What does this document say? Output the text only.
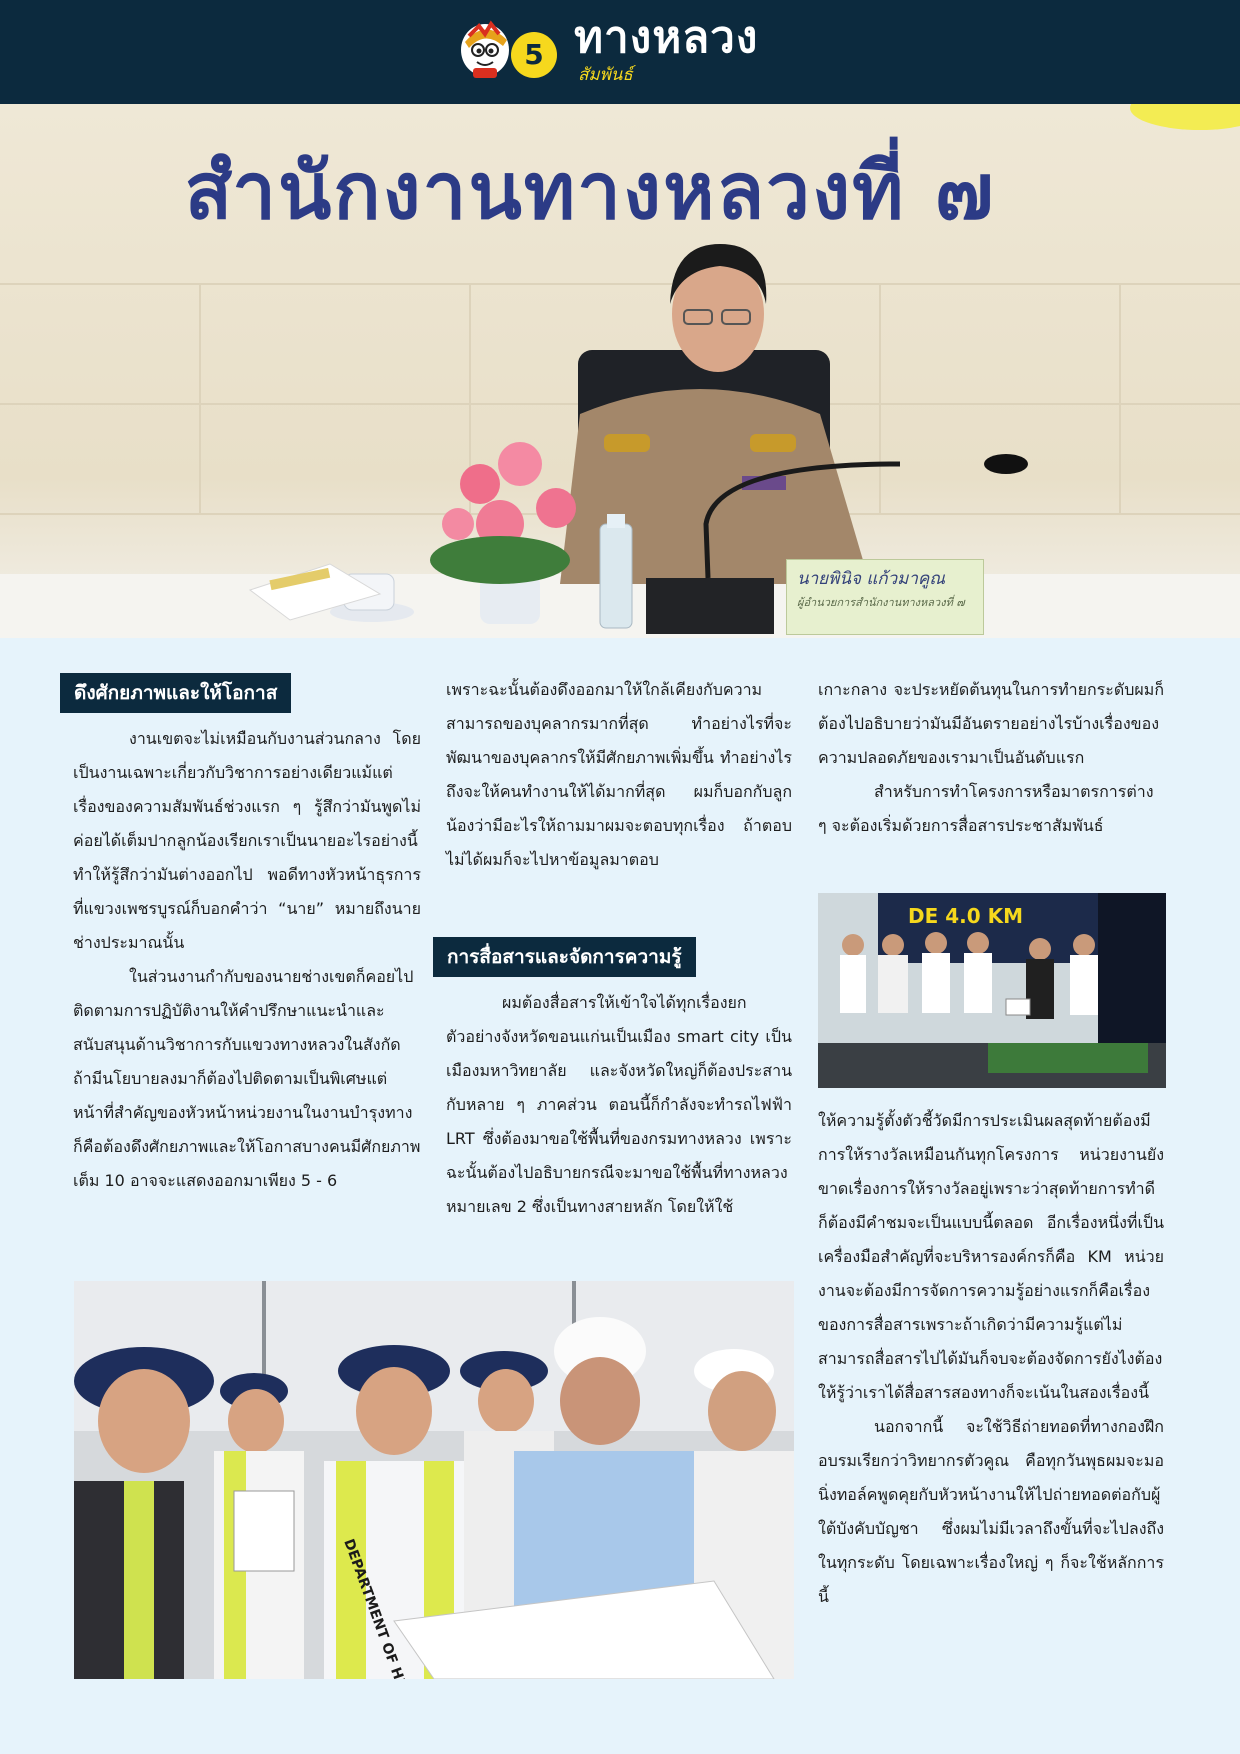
5 ทางหลวง
สัมพันธ์
สำนักงานทางหลวงที่ ๗
นายพินิจ แก้วมาคูณ
ผู้อำนวยการสำนักงานทางหลวงที่ ๗
ดึงศักยภาพและให้โอกาส

งานเขตจะไม่เหมือนกับงานส่วนกลาง โดยเป็นงานเฉพาะเกี่ยวกับวิชาการอย่างเดียวแม้แต่เรื่องของความสัมพันธ์ช่วงแรก ๆ รู้สึกว่ามันพูดไม่ค่อยได้เต็มปากลูกน้องเรียกเราเป็นนายอะไรอย่างนี้ ทำให้รู้สึกว่ามันต่างออกไป พอดีทางหัวหน้าธุรการที่แขวงเพชรบูรณ์ก็บอกคำว่า “นาย” หมายถึงนายช่างประมาณนั้น

ในส่วนงานกำกับของนายช่างเขตก็คอยไปติดตามการปฏิบัติงานให้คำปรึกษาแนะนำและสนับสนุนด้านวิชาการกับแขวงทางหลวงในสังกัด ถ้ามีนโยบายลงมาก็ต้องไปติดตามเป็นพิเศษแต่หน้าที่สำคัญของหัวหน้าหน่วยงานในงานบำรุงทางก็คือต้องดึงศักยภาพและให้โอกาสบางคนมีศักยภาพเต็ม 10 อาจจะแสดงออกมาเพียง 5 - 6

เพราะฉะนั้นต้องดึงออกมาให้ใกล้เคียงกับความสามารถของบุคลากรมากที่สุด ทำอย่างไรที่จะพัฒนาของบุคลากรให้มีศักยภาพเพิ่มขึ้น ทำอย่างไรถึงจะให้คนทำงานให้ได้มากที่สุด ผมก็บอกกับลูกน้องว่ามีอะไรให้ถามมาผมจะตอบทุกเรื่อง ถ้าตอบไม่ได้ผมก็จะไปหาข้อมูลมาตอบ

การสื่อสารและจัดการความรู้

ผมต้องสื่อสารให้เข้าใจได้ทุกเรื่องยกตัวอย่างจังหวัดขอนแก่นเป็นเมือง smart city เป็นเมืองมหาวิทยาลัย และจังหวัดใหญ่ก็ต้องประสานกับหลาย ๆ ภาคส่วน ตอนนี้ก็กำลังจะทำรถไฟฟ้า LRT ซึ่งต้องมาขอใช้พื้นที่ของกรมทางหลวง เพราะฉะนั้นต้องไปอธิบายกรณีจะมาขอใช้พื้นที่ทางหลวงหมายเลข 2 ซึ่งเป็นทางสายหลัก โดยให้ใช้

เกาะกลาง จะประหยัดต้นทุนในการทำยกระดับผมก็ต้องไปอธิบายว่ามันมีอันตรายอย่างไรบ้างเรื่องของความปลอดภัยของเรามาเป็นอันดับแรก

สำหรับการทำโครงการหรือมาตรการต่าง ๆ จะต้องเริ่มด้วยการสื่อสารประชาสัมพันธ์

DE 4.0 KM

ให้ความรู้ตั้งตัวชี้วัดมีการประเมินผลสุดท้ายต้องมีการให้รางวัลเหมือนกันทุกโครงการ หน่วยงานยังขาดเรื่องการให้รางวัลอยู่เพราะว่าสุดท้ายการทำดีก็ต้องมีคำชมจะเป็นแบบนี้ตลอด อีกเรื่องหนึ่งที่เป็นเครื่องมือสำคัญที่จะบริหารองค์กรก็คือ KM หน่วยงานจะต้องมีการจัดการความรู้อย่างแรกก็คือเรื่องของการสื่อสารเพราะถ้าเกิดว่ามีความรู้แต่ไม่สามารถสื่อสารไปได้มันก็จบจะต้องจัดการยังไงต้องให้รู้ว่าเราได้สื่อสารสองทางก็จะเน้นในสองเรื่องนี้

นอกจากนี้ จะใช้วิธีถ่ายทอดที่ทางกองฝึก อบรมเรียกว่าวิทยากรตัวคูณ คือทุกวันพุธผมจะมอนิ่งทอล์คพูดคุยกับหัวหน้างานให้ไปถ่ายทอดต่อกับผู้ใต้บังคับบัญชา ซึ่งผมไม่มีเวลาถึงขั้นที่จะไปลงถึงในทุกระดับ โดยเฉพาะเรื่องใหญ่ ๆ ก็จะใช้หลักการนี้
